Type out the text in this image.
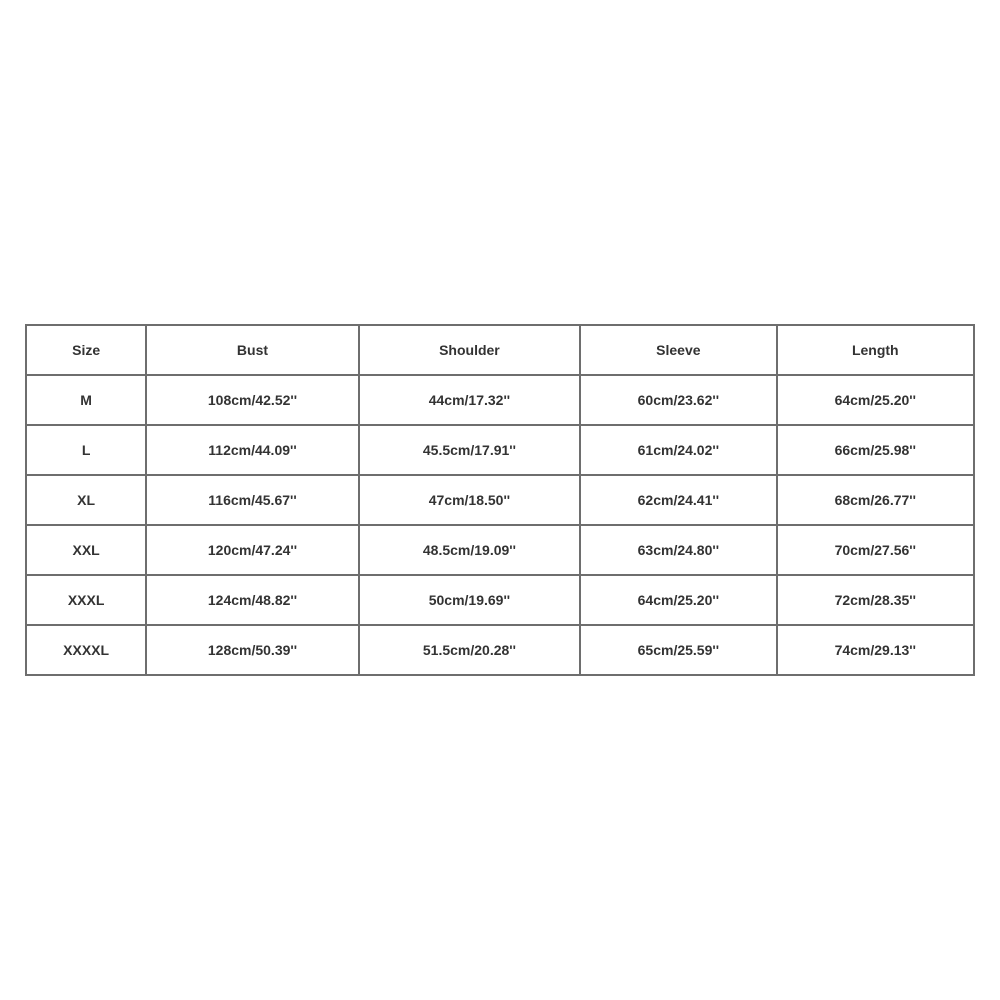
Size	Bust	Shoulder	Sleeve	Length
M	108cm/42.52''	44cm/17.32''	60cm/23.62''	64cm/25.20''
L	112cm/44.09''	45.5cm/17.91''	61cm/24.02''	66cm/25.98''
XL	116cm/45.67''	47cm/18.50''	62cm/24.41''	68cm/26.77''
XXL	120cm/47.24''	48.5cm/19.09''	63cm/24.80''	70cm/27.56''
XXXL	124cm/48.82''	50cm/19.69''	64cm/25.20''	72cm/28.35''
XXXXL	128cm/50.39''	51.5cm/20.28''	65cm/25.59''	74cm/29.13''
